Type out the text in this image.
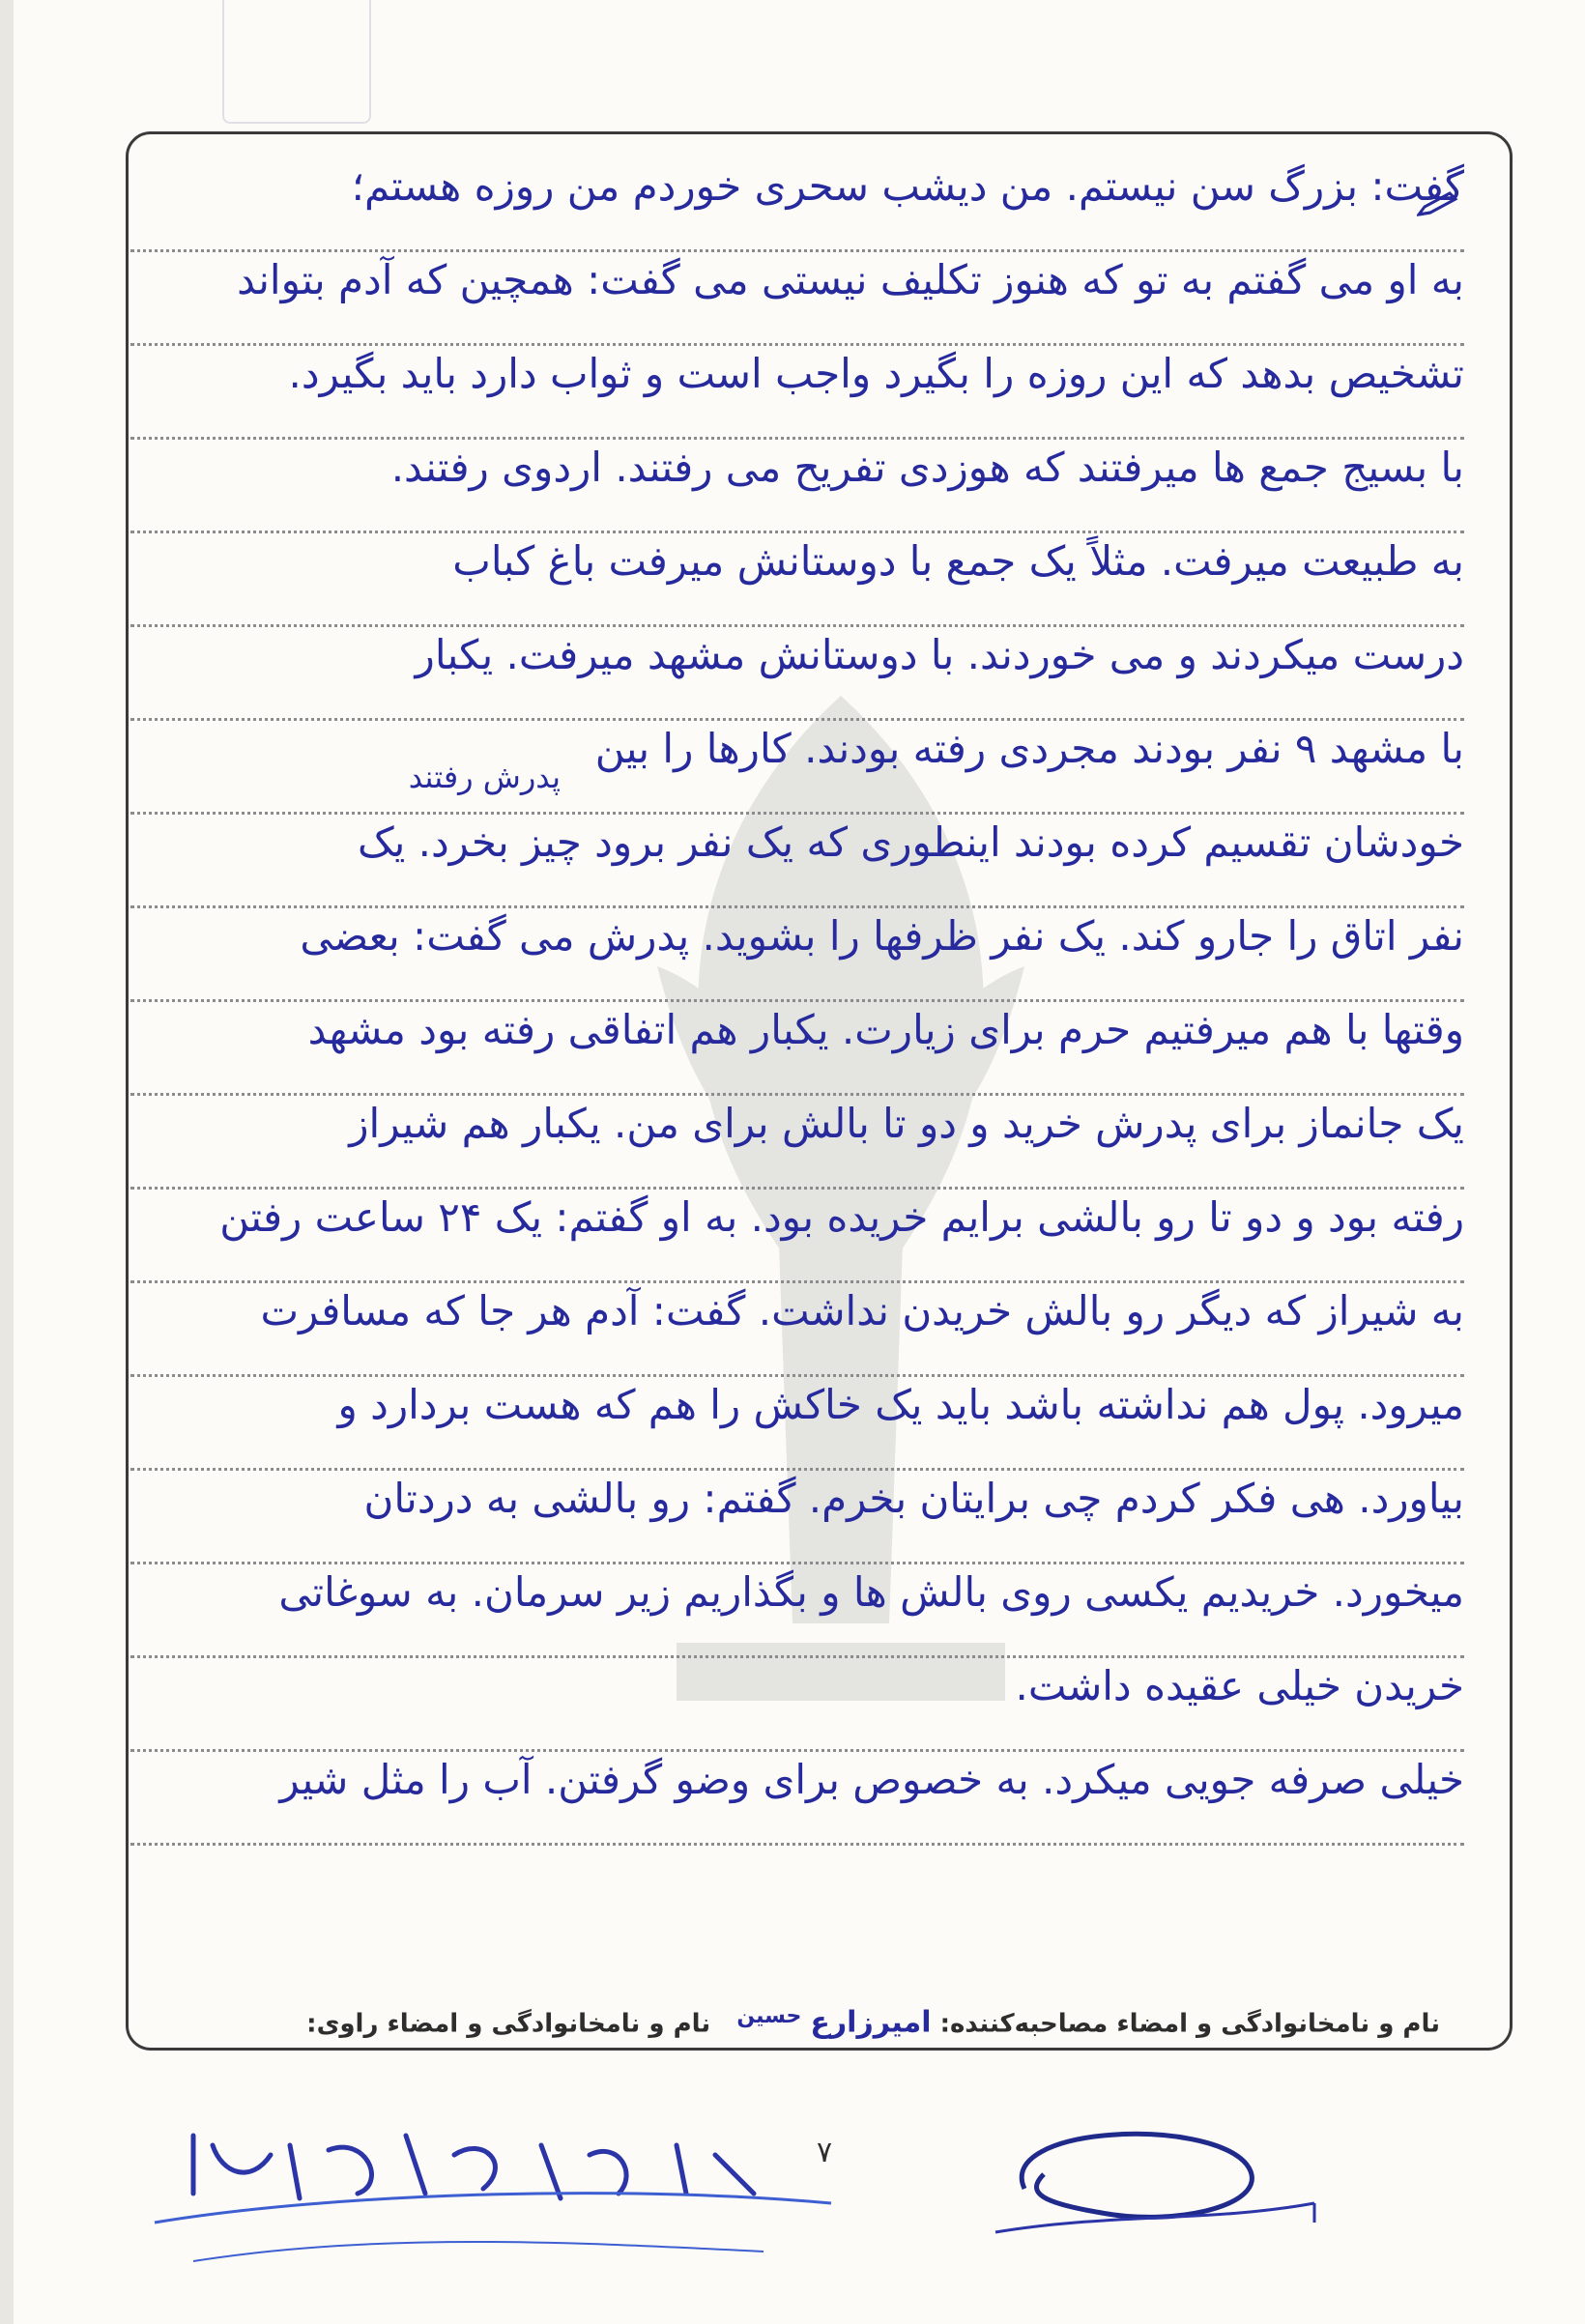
گفت: بزرگ سن نیستم. من دیشب سحری خوردم من روزه هستم؛
به او می گفتم به تو که هنوز تکلیف نیستی می گفت: همچین که آدم بتواند
تشخیص بدهد که این روزه را بگیرد واجب است و ثواب دارد باید بگیرد.
با بسیج جمع ها میرفتند که هوزدی تفریح می رفتند. اردوی رفتند.
به طبیعت میرفت. مثلاً یک جمع با دوستانش میرفت باغ کباب
درست میکردند و می خوردند. با دوستانش مشهد میرفت. یکبار
پدرش رفتند
با مشهد ۹ نفر بودند مجردی رفته بودند. کارها را بین
خودشان تقسیم کرده بودند اینطوری که یک نفر برود چیز بخرد. یک
نفر اتاق را جارو کند. یک نفر ظرفها را بشوید. پدرش می گفت: بعضی
وقتها با هم میرفتیم حرم برای زیارت. یکبار هم اتفاقی رفته بود مشهد
یک جانماز برای پدرش خرید و دو تا بالش برای من. یکبار هم شیراز
رفته بود و دو تا رو بالشی برایم خریده بود. به او گفتم: یک ۲۴ ساعت رفتن
به شیراز که دیگر رو بالش خریدن نداشت. گفت: آدم هر جا که مسافرت
میرود. پول هم نداشته باشد باید یک خاکش را هم که هست بردارد و
بیاورد. هی فکر کردم چی برایتان بخرم. گفتم: رو بالشی به دردتان
میخورد. خریدیم یکسی روی بالش ها و بگذاریم زیر سرمان. به سوغاتی
خریدن خیلی عقیده داشت.
خیلی صرفه جویی میکرد. به خصوص برای وضو گرفتن. آب را مثل شیر
نام و نامخانوادگی و امضاء مصاحبه‌کننده: امیرزارع $^{حسین}$   نام و نامخانوادگی و امضاء راوی:
۷
